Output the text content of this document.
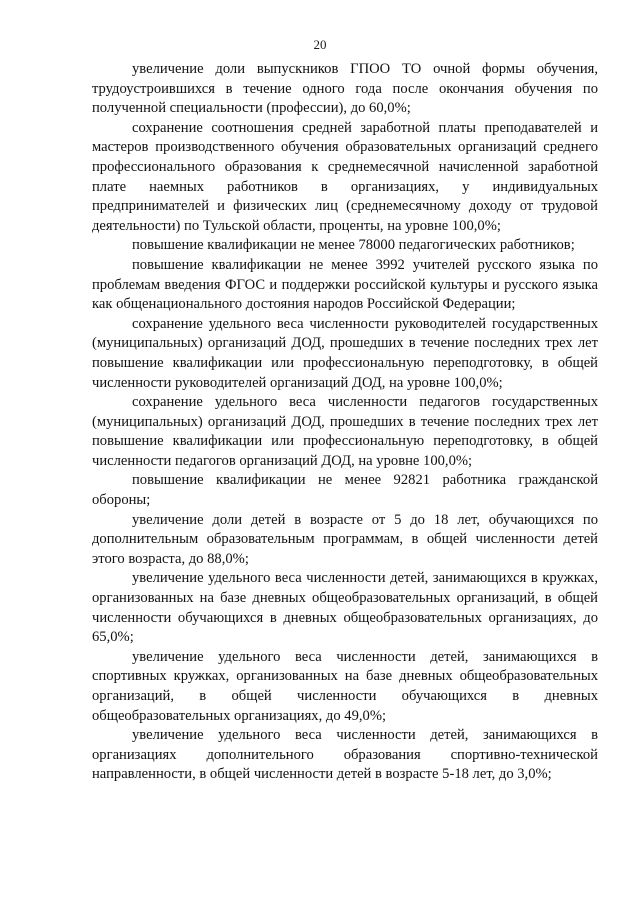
20

увеличение доли выпускников ГПОО ТО очной формы обучения, трудоустроившихся в течение одного года после окончания обучения по полученной специальности (профессии), до 60,0%;

сохранение соотношения средней заработной платы преподавателей и мастеров производственного обучения образовательных организаций среднего профессионального образования к среднемесячной начисленной заработной плате наемных работников в организациях, у индивидуальных предпринимателей и физических лиц (среднемесячному доходу от трудовой деятельности) по Тульской области, проценты, на уровне 100,0%;

повышение квалификации не менее 78000 педагогических работников;

повышение квалификации не менее 3992 учителей русского языка по проблемам введения ФГОС и поддержки российской культуры и русского языка как общенационального достояния народов Российской Федерации;

сохранение удельного веса численности руководителей государственных (муниципальных) организаций ДОД, прошедших в течение последних трех лет повышение квалификации или профессиональную переподготовку, в общей численности руководителей организаций ДОД, на уровне 100,0%;

сохранение удельного веса численности педагогов государственных (муниципальных) организаций ДОД, прошедших в течение последних трех лет повышение квалификации или профессиональную переподготовку, в общей численности педагогов организаций ДОД, на уровне 100,0%;

повышение квалификации не менее 92821 работника гражданской обороны;

увеличение доли детей в возрасте от 5 до 18 лет, обучающихся по дополнительным образовательным программам, в общей численности детей этого возраста, до 88,0%;

увеличение удельного веса численности детей, занимающихся в кружках, организованных на базе дневных общеобразовательных организаций, в общей численности обучающихся в дневных общеобразовательных организациях, до 65,0%;

увеличение удельного веса численности детей, занимающихся в спортивных кружках, организованных на базе дневных общеобразовательных организаций, в общей численности обучающихся в дневных общеобразовательных организациях, до 49,0%;

увеличение удельного веса численности детей, занимающихся в организациях дополнительного образования спортивно-технической направленности, в общей численности детей в возрасте 5-18 лет, до 3,0%;
